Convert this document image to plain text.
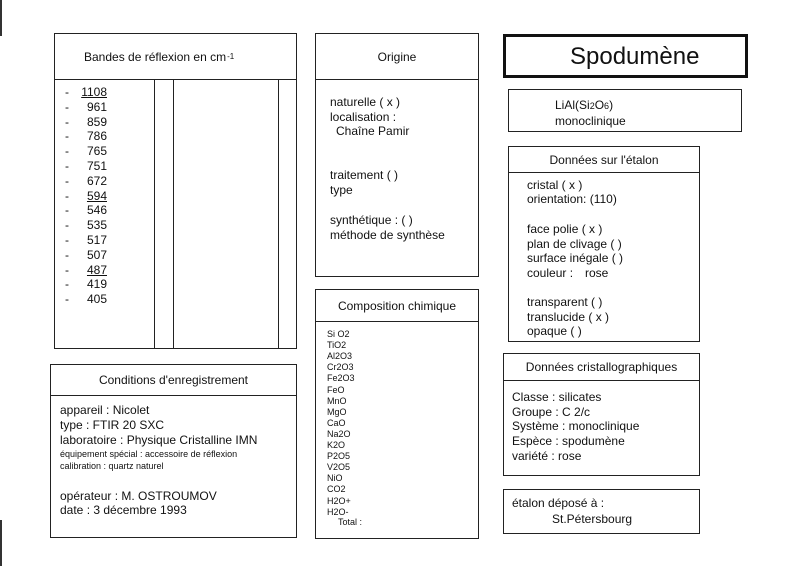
Bandes de réflexion en cm -1
- 1108
-	961
-	859
-	786
-	765
-	751
-	672
-	594
-	546
-	535
-	517
-	507
-	487
-	419
-	405
Origine
naturelle ( x )
localisation :
Chaîne Pamir
traitement ( )
type
synthétique : ( )
méthode de synthèse
Spodumène
LiAl(Si2O6)
monoclinique
Données sur l'étalon
cristal ( x )
orientation: (110)
face polie ( x )
plan de clivage ( )
surface inégale ( )
couleur : rose
transparent ( )
translucide ( x )
opaque ( )
Composition chimique
Si O2
TiO2
Al2O3
Cr2O3
Fe2O3
FeO
MnO
MgO
CaO
Na2O
K2O
P2O5
V2O5
NiO
CO2
H2O+
H2O-
Total :
Conditions d'enregistrement
appareil : Nicolet
type : FTIR 20 SXC
laboratoire : Physique Cristalline IMN
équipement spécial : accessoire de réflexion
calibration : quartz naturel
opérateur : M. OSTROUMOV
date : 3 décembre 1993
Données cristallographiques
Classe : silicates
Groupe : C 2/c
Système : monoclinique
Espèce : spodumène
variété : rose
étalon déposé à :
St.Pétersbourg
